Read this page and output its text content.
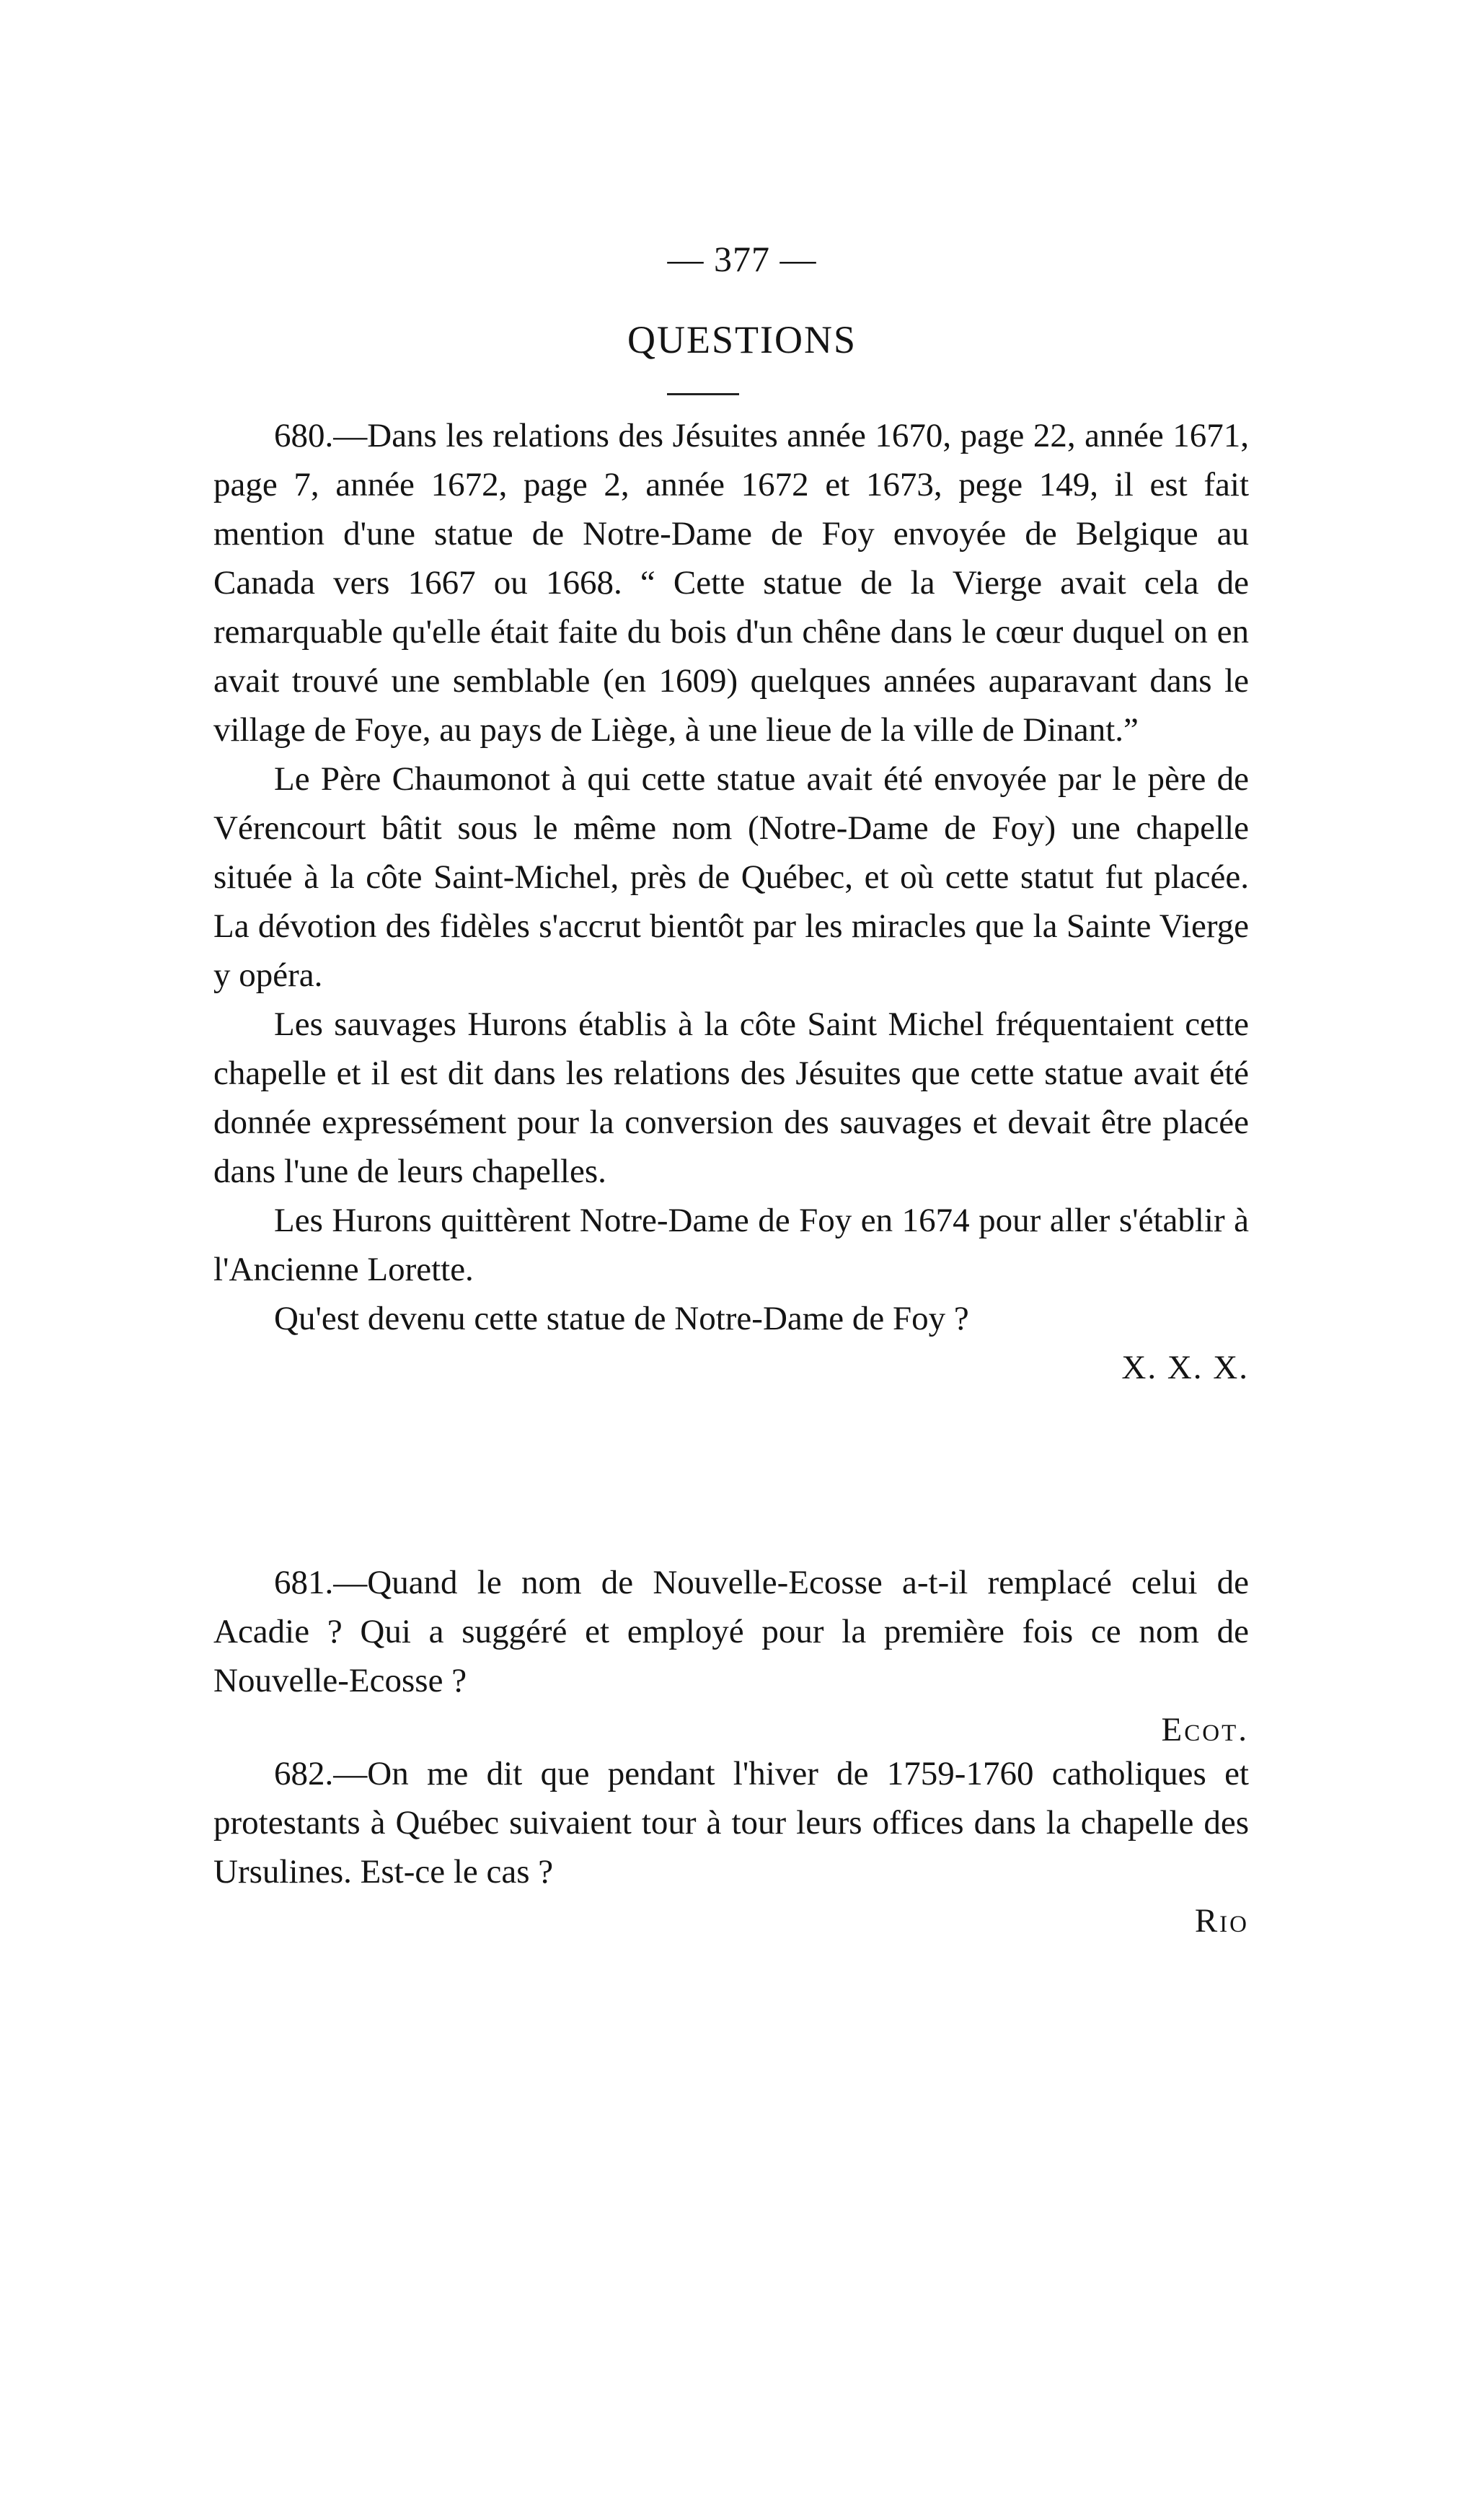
— 377 —
QUESTIONS

680.—Dans les relations des Jésuites année 1670, page 22, année 1671, page 7, année 1672, page 2, année 1672 et 1673, pege 149, il est fait mention d'une statue de Notre-Dame de Foy envoyée de Belgique au Canada vers 1667 ou 1668. “ Cette statue de la Vierge avait cela de remarquable qu'elle était faite du bois d'un chêne dans le cœur duquel on en avait trouvé une semblable (en 1609) quelques années auparavant dans le village de Foye, au pays de Liège, à une lieue de la ville de Dinant.”

Le Père Chaumonot à qui cette statue avait été envoyée par le père de Vérencourt bâtit sous le même nom (Notre-Dame de Foy) une chapelle située à la côte Saint-Michel, près de Québec, et où cette statut fut placée. La dévotion des fidèles s'accrut bientôt par les miracles que la Sainte Vierge y opéra.

Les sauvages Hurons établis à la côte Saint Michel fréquentaient cette chapelle et il est dit dans les relations des Jésuites que cette statue avait été donnée expressément pour la conversion des sauvages et devait être placée dans l'une de leurs chapelles.

Les Hurons quittèrent Notre-Dame de Foy en 1674 pour aller s'établir à l'Ancienne Lorette.

Qu'est devenu cette statue de Notre-Dame de Foy ?

X. X. X.

681.—Quand le nom de Nouvelle-Ecosse a-t-il remplacé celui de Acadie ? Qui a suggéré et employé pour la première fois ce nom de Nouvelle-Ecosse ?

Ecot.

682.—On me dit que pendant l'hiver de 1759-1760 catholiques et protestants à Québec suivaient tour à tour leurs offices dans la chapelle des Ursulines. Est-ce le cas ?

Rio
